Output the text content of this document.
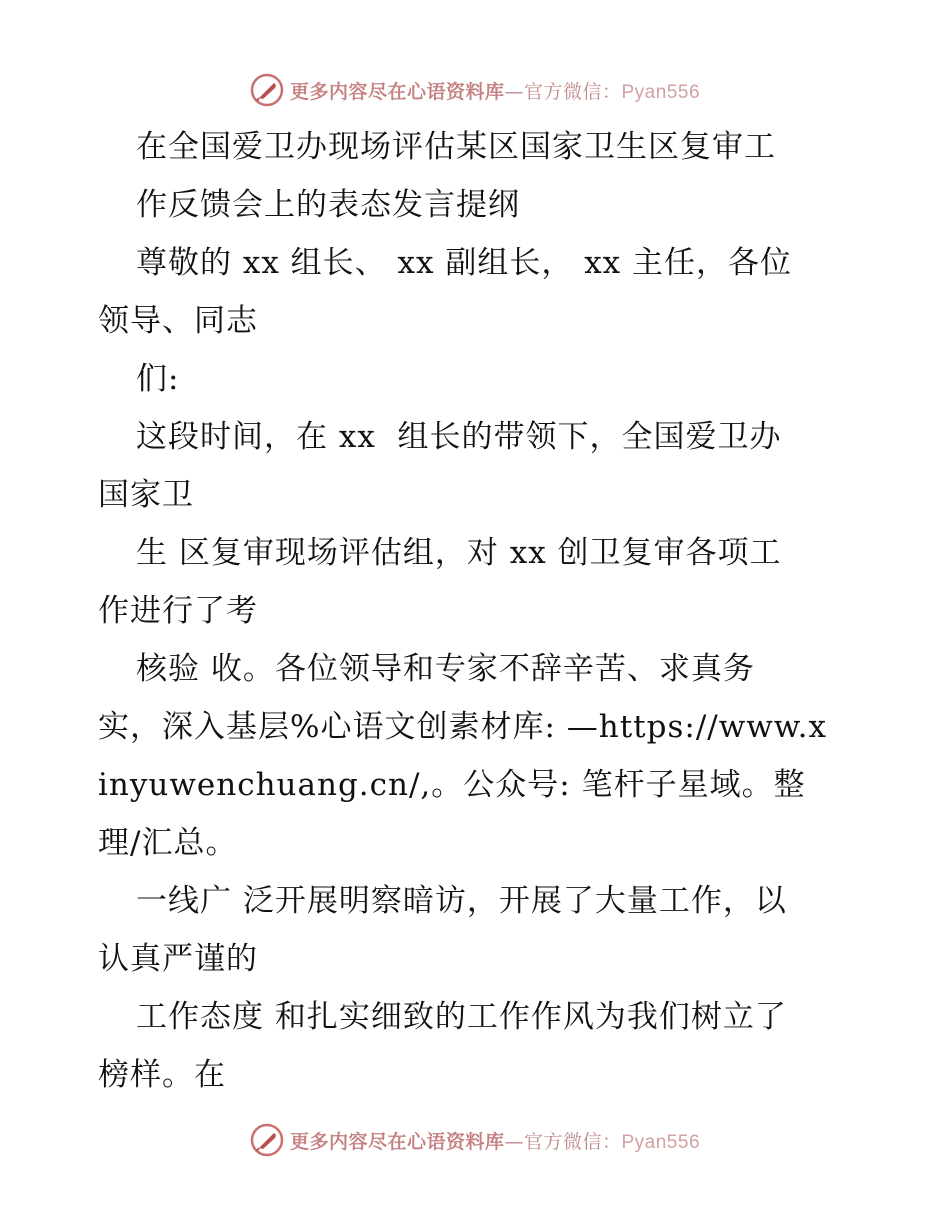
更多内容尽在心语资料库—官方微信：Pyan556
在全国爱卫办现场评估某区国家卫生区复审工
作反馈会上的表态发言提纲
尊敬的 xx 组长、 xx 副组长， xx 主任，各位
领导、同志
们:
这段时间，在 xx  组长的带领下，全国爱卫办
国家卫
生 区复审现场评估组，对 xx 创卫复审各项工
作进行了考
核验 收。各位领导和专家不辞辛苦、求真务
实，深入基层%心语文创素材库: —https://www.x
inyuwenchuang.cn/,。公众号: 笔杆子星域。整
理/汇总。
一线广 泛开展明察暗访，开展了大量工作，以
认真严谨的
工作态度 和扎实细致的工作作风为我们树立了
榜样。在
更多内容尽在心语资料库—官方微信：Pyan556
